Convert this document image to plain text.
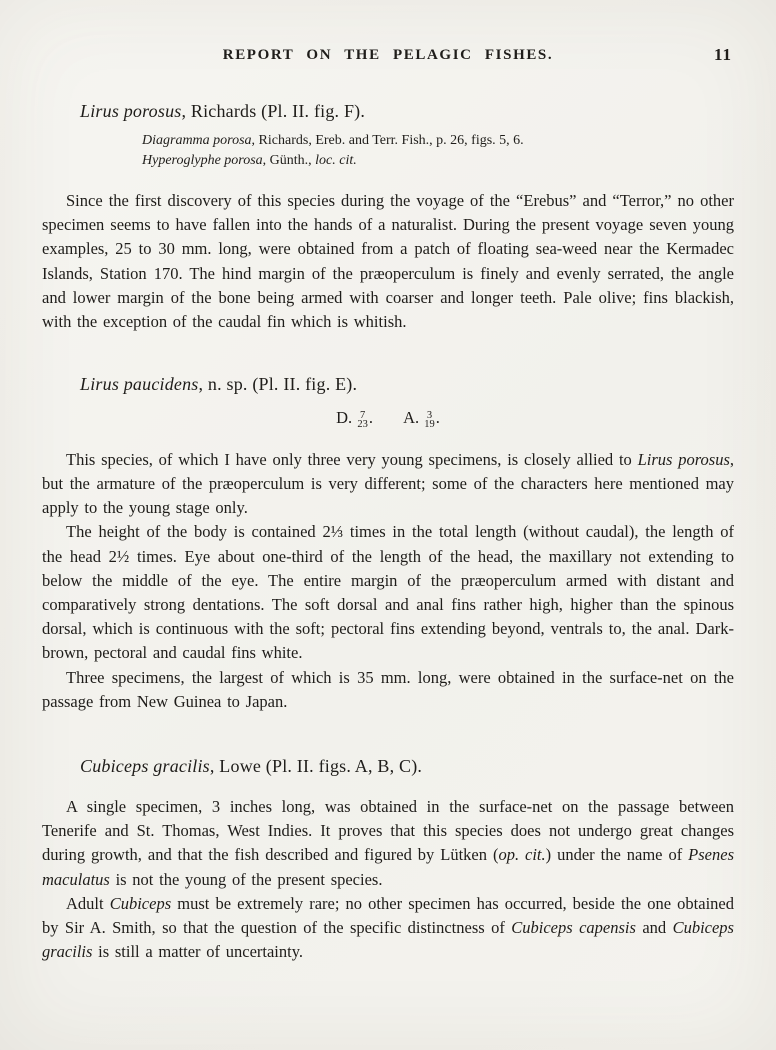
REPORT ON THE PELAGIC FISHES.	11
Lirus porosus, Richards (Pl. II. fig. F).

Diagramma porosa, Richards, Ereb. and Terr. Fish., p. 26, figs. 5, 6.

Hyperoglyphe porosa, Günth., loc. cit.

Since the first discovery of this species during the voyage of the “Erebus” and “Terror,” no other specimen seems to have fallen into the hands of a naturalist. During the present voyage seven young examples, 25 to 30 mm. long, were obtained from a patch of floating sea-weed near the Kermadec Islands, Station 170. The hind margin of the præoperculum is finely and evenly serrated, the angle and lower margin of the bone being armed with coarser and longer teeth. Pale olive; fins blackish, with the exception of the caudal fin which is whitish.

Lirus paucidens, n. sp. (Pl. II. fig. E).
D. 7
23 . A. 3
19 .

This species, of which I have only three very young specimens, is closely allied to Lirus porosus, but the armature of the præoperculum is very different; some of the characters here mentioned may apply to the young stage only.

The height of the body is contained 2⅓ times in the total length (without caudal), the length of the head 2½ times. Eye about one-third of the length of the head, the maxillary not extending to below the middle of the eye. The entire margin of the præoperculum armed with distant and comparatively strong dentations. The soft dorsal and anal fins rather high, higher than the spinous dorsal, which is continuous with the soft; pectoral fins extending beyond, ventrals to, the anal. Dark-brown, pectoral and caudal fins white.

Three specimens, the largest of which is 35 mm. long, were obtained in the surface-net on the passage from New Guinea to Japan.

Cubiceps gracilis, Lowe (Pl. II. figs. A, B, C).

A single specimen, 3 inches long, was obtained in the surface-net on the passage between Tenerife and St. Thomas, West Indies. It proves that this species does not undergo great changes during growth, and that the fish described and figured by Lütken (op. cit.) under the name of Psenes maculatus is not the young of the present species.

Adult Cubiceps must be extremely rare; no other specimen has occurred, beside the one obtained by Sir A. Smith, so that the question of the specific distinctness of Cubiceps capensis and Cubiceps gracilis is still a matter of uncertainty.
